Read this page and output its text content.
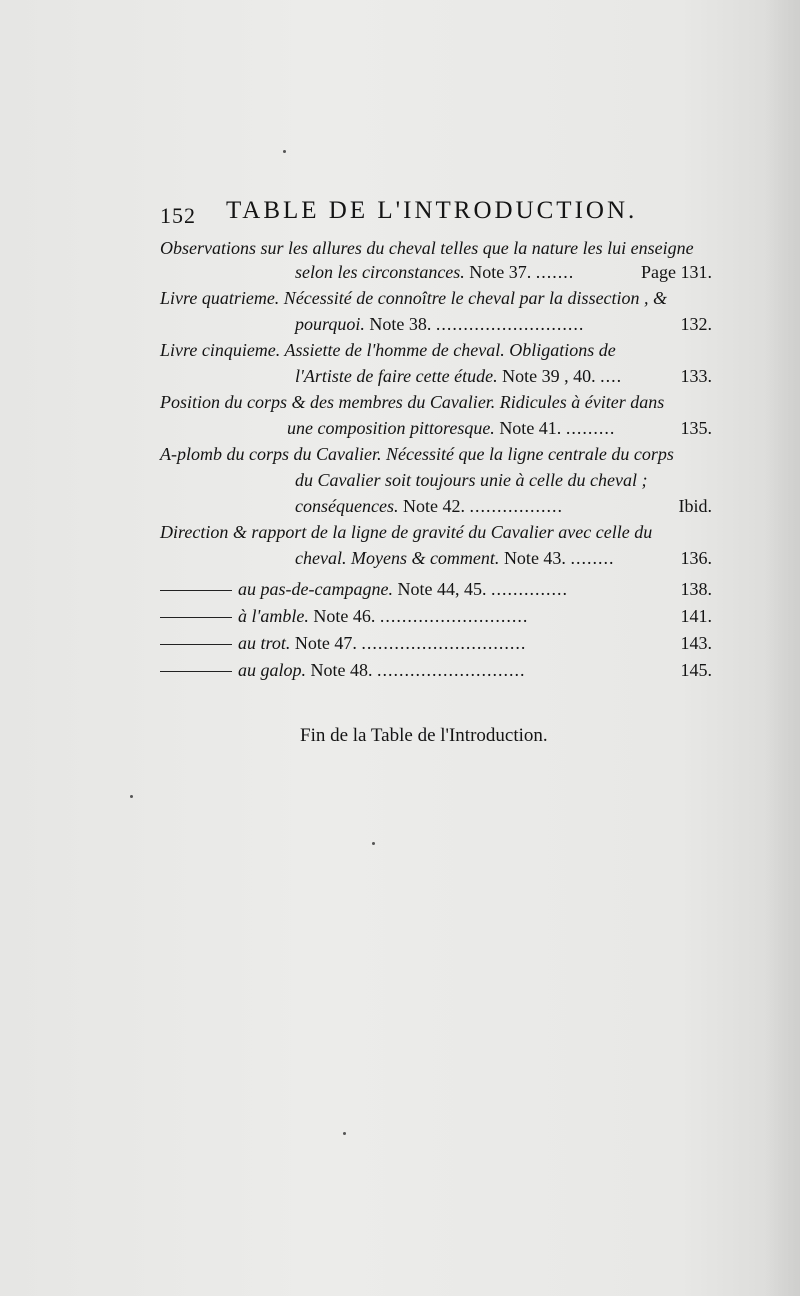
152 TABLE DE L'INTRODUCTION.
Observations sur les allures du cheval telles que la nature les lui enseigne
selon les circonstances. Note 37. .......	Page 131.
Livre quatrieme. Nécessité de connoître le cheval par la dissection , &
pourquoi. Note 38. ...........................	132.
Livre cinquieme. Assiette de l'homme de cheval. Obligations de
l'Artiste de faire cette étude. Note 39 , 40. ....	133.
Position du corps & des membres du Cavalier. Ridicules à éviter dans
une composition pittoresque. Note 41. .........	135.
A-plomb du corps du Cavalier. Nécessité que la ligne centrale du corps
du Cavalier soit toujours unie à celle du cheval ;
conséquences. Note 42. .................	Ibid.
Direction & rapport de la ligne de gravité du Cavalier avec celle du
cheval. Moyens & comment. Note 43. ........	136.
au pas-de-campagne. Note 44, 45. ..............	138.
à l'amble. Note 46. ...........................	141.
au trot. Note 47. ..............................	143.
au galop. Note 48. ...........................	145.
Fin de la Table de l'Introduction.
